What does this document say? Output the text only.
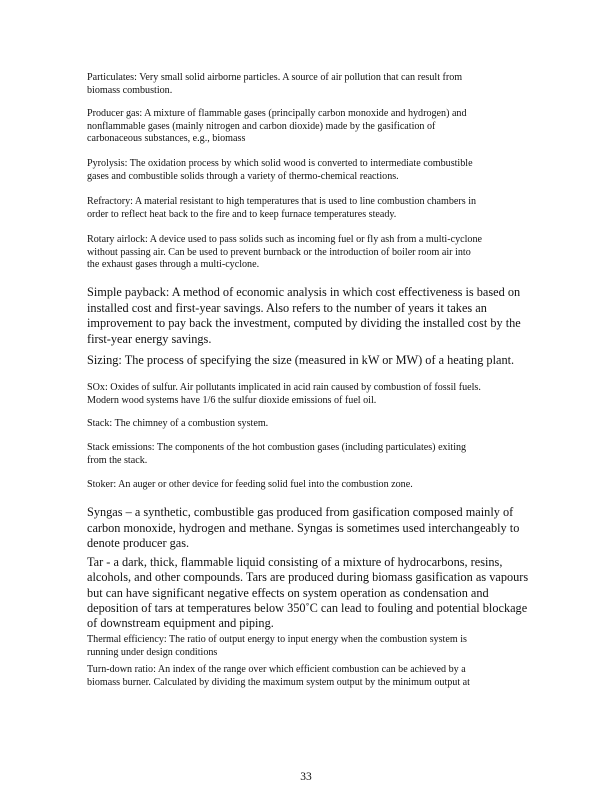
Particulates: Very small solid airborne particles. A source of air pollution that can result from
biomass combustion.
Producer gas: A mixture of flammable gases (principally carbon monoxide and hydrogen) and
nonflammable gases (mainly nitrogen and carbon dioxide) made by the gasification of
carbonaceous substances, e.g., biomass
Pyrolysis: The oxidation process by which solid wood is converted to intermediate combustible
gases and combustible solids through a variety of thermo-chemical reactions.
Refractory: A material resistant to high temperatures that is used to line combustion chambers in
order to reflect heat back to the fire and to keep furnace temperatures steady.
Rotary airlock: A device used to pass solids such as incoming fuel or fly ash from a multi-cyclone
without passing air. Can be used to prevent burnback or the introduction of boiler room air into
the exhaust gases through a multi-cyclone.
Simple payback: A method of economic analysis in which cost effectiveness is based on
installed cost and first-year savings. Also refers to the number of years it takes an
improvement to pay back the investment, computed by dividing the installed cost by the
first-year energy savings.
Sizing: The process of specifying the size (measured in kW or MW) of a heating plant.
SOx: Oxides of sulfur. Air pollutants implicated in acid rain caused by combustion of fossil fuels.
Modern wood systems have 1/6 the sulfur dioxide emissions of fuel oil.
Stack: The chimney of a combustion system.
Stack emissions: The components of the hot combustion gases (including particulates) exiting
from the stack.
Stoker: An auger or other device for feeding solid fuel into the combustion zone.
Syngas – a synthetic, combustible gas produced from gasification composed mainly of
carbon monoxide, hydrogen and methane. Syngas is sometimes used interchangeably to
denote producer gas.
Tar - a dark, thick, flammable liquid consisting of a mixture of hydrocarbons, resins,
alcohols, and other compounds. Tars are produced during biomass gasification as vapours
but can have significant negative effects on system operation as condensation and
deposition of tars at temperatures below 350˚C can lead to fouling and potential blockage
of downstream equipment and piping.
Thermal efficiency: The ratio of output energy to input energy when the combustion system is
running under design conditions
Turn-down ratio: An index of the range over which efficient combustion can be achieved by a
biomass burner. Calculated by dividing the maximum system output by the minimum output at
33
